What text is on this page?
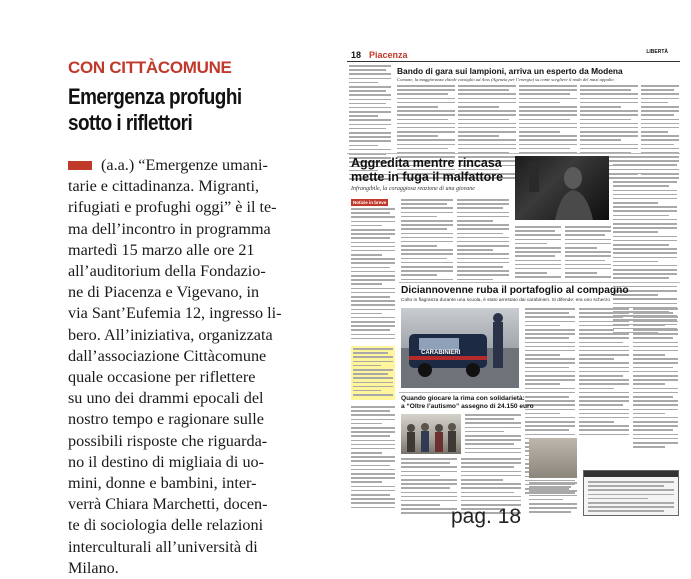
CON CITTÀCOMUNE
Emergenza profughi
sotto i riflettori
(a.a.) “Emergenze umani-
tarie e cittadinanza. Migranti,
rifugiati e profughi oggi” è il te-
ma dell’incontro in programma
martedì 15 marzo alle ore 21
all’auditorium della Fondazio-
ne di Piacenza e Vigevano, in
via Sant’Eufemia 12, ingresso li-
bero. All’iniziativa, organizzata
dall’associazione Cittàcomune
quale occasione per riflettere
su uno dei drammi epocali del
nostro tempo e ragionare sulle
possibili risposte che riguarda-
no il destino di migliaia di uo-
mini, donne e bambini, inter-
verrà Chiara Marchetti, docen-
te di sociologia delle relazioni
interculturali all’università di
Milano.
18 Piacenza	LIBERTÀ
Bando di gara sui lampioni, arriva un esperto da Modena
Comune, la maggioranza chiede consiglio ad Aess (Agenzia per l’energia) su come scegliere il nodo del maxi appalto
Aggredita mentre rincasa
mette in fuga il malfattore
Infrangibile, la coraggiosa reazione di una giovane
Notizie in breve
Diciannovenne ruba il portafoglio al compagno
Colto in flagranza durante una scuola, è stato arrestato dai carabinieri. Si difende: era uno scherzo
CARABINIERI
Quando giocare la rima con solidarietà:
a “Oltre l’autismo” assegno di 24.150 euro
pag. 18
